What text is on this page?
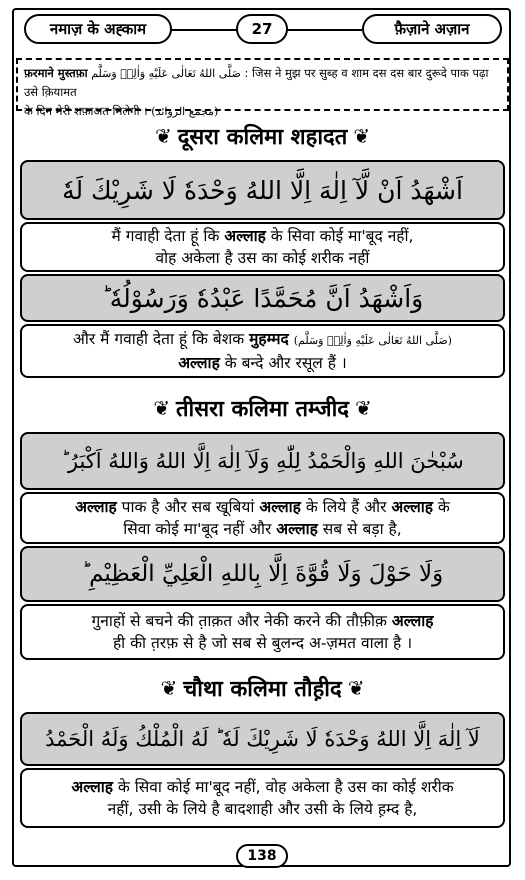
नमाज़ के अह्काम	27	फ़ैज़ाने अज़ान
फ़रमाने मुस्तफ़ा صَلَّى اللهُ تَعَالٰی عَلَیْهِ وَاٰلِهٖ وَسَلَّم : जिस ने मुझ पर सुब्ह व शाम दस दस बार दुरूदे पाक पढ़ा उसे क़ियामत
के दिन मेरी शफ़ाअत मिलेगी । (مجمع الزوائد)
❦ दूसरा कलिमा शहादत ❦
اَشْهَدُ اَنْ لَّآ اِلٰهَ اِلَّا اللهُ وَحْدَهٗ لَا شَرِيْكَ لَهٗ
मैं गवाही देता हूं कि अल्लाह के सिवा कोई मा'बूद नहीं,
वोह अकेला है उस का कोई शरीक नहीं
وَاَشْهَدُ اَنَّ مُحَمَّدًا عَبْدُهٗ وَرَسُوْلُهٗ ؕ
और मैं गवाही देता हूं कि बेशक मुहम्मद (صَلَّى اللهُ تَعَالٰی عَلَیْهِ وَاٰلِهٖ وَسَلَّم)
अल्लाह के बन्दे और रसूल हैं ।
❦ तीसरा कलिमा तम्जीद ❦
سُبْحٰنَ اللهِ وَالْحَمْدُ لِلّٰهِ وَلَآ اِلٰهَ اِلَّا اللهُ وَاللهُ اَكْبَرُ ؕ
अल्लाह पाक है और सब खूबियां अल्लाह के लिये हैं और अल्लाह के
सिवा कोई मा'बूद नहीं और अल्लाह सब से बड़ा है,
وَلَا حَوْلَ وَلَا قُوَّةَ اِلَّا بِاللهِ الْعَلِيِّ الْعَظِيْمِ ؕ
गुनाहों से बचने की त़ाक़त और नेकी करने की तौफ़ीक़ अल्लाह
ही की त़रफ़ से है जो सब से बुलन्द अ-ज़मत वाला है ।
❦ चौथा कलिमा तौह़ीद ❦
لَآ اِلٰهَ اِلَّا اللهُ وَحْدَهٗ لَا شَرِيْكَ لَهٗ ؕ لَهُ الْمُلْكُ وَلَهُ الْحَمْدُ
अल्लाह के सिवा कोई मा'बूद नहीं, वोह अकेला है उस का कोई शरीक
नहीं, उसी के लिये है बादशाही और उसी के लिये ह़म्द है,
138
